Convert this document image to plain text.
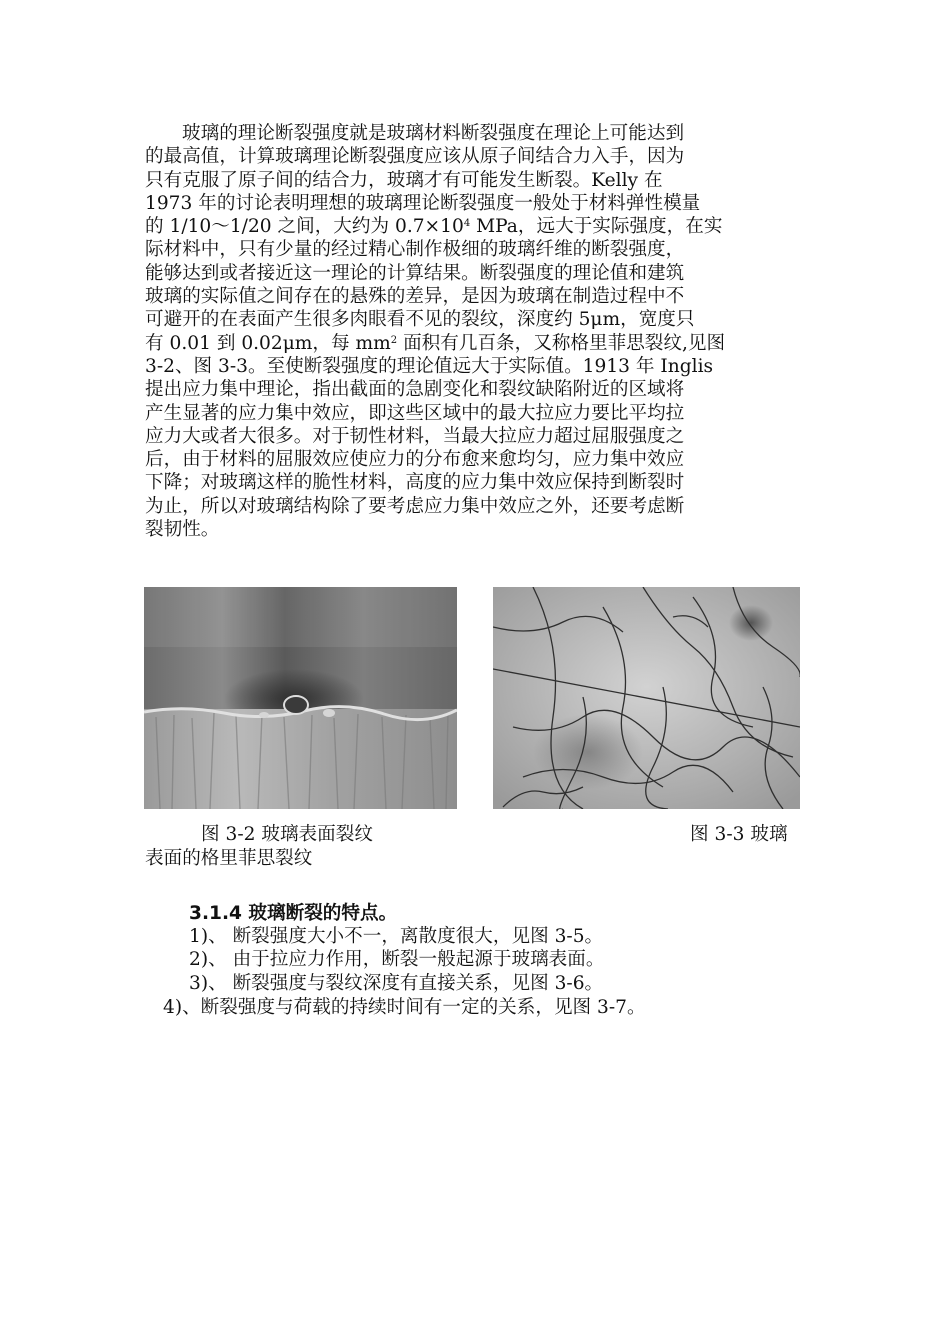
玻璃的理论断裂强度就是玻璃材料断裂强度在理论上可能达到
的最高值，计算玻璃理论断裂强度应该从原子间结合力入手，因为
只有克服了原子间的结合力，玻璃才有可能发生断裂。Kelly 在
1973 年的讨论表明理想的玻璃理论断裂强度一般处于材料弹性模量
的 1/10～1/20 之间，大约为 $0.7\times 10^4$ MPa，远大于实际强度，在实
际材料中，只有少量的经过精心制作极细的玻璃纤维的断裂强度，
能够达到或者接近这一理论的计算结果。断裂强度的理论值和建筑
玻璃的实际值之间存在的悬殊的差异，是因为玻璃在制造过程中不
可避开的在表面产生很多肉眼看不见的裂纹，深度约 5μm，宽度只
有 0.01 到 0.02μm，每 $mm^2$ 面积有几百条，又称格里菲思裂纹,见图
3-2、图 3-3。至使断裂强度的理论值远大于实际值。1913 年 Inglis
提出应力集中理论，指出截面的急剧变化和裂纹缺陷附近的区域将
产生显著的应力集中效应，即这些区域中的最大拉应力要比平均拉
应力大或者大很多。对于韧性材料，当最大拉应力超过屈服强度之
后，由于材料的屈服效应使应力的分布愈来愈均匀，应力集中效应
下降；对玻璃这样的脆性材料，高度的应力集中效应保持到断裂时
为止，所以对玻璃结构除了要考虑应力集中效应之外，还要考虑断
裂韧性。
图 3-2 玻璃表面裂纹	图 3-3 玻璃
表面的格里菲思裂纹
3.1.4 玻璃断裂的特点。
1)、 断裂强度大小不一，离散度很大，见图 3-5。
2)、 由于拉应力作用，断裂一般起源于玻璃表面。
3)、 断裂强度与裂纹深度有直接关系，见图 3-6。
4)、断裂强度与荷载的持续时间有一定的关系，见图 3-7。
